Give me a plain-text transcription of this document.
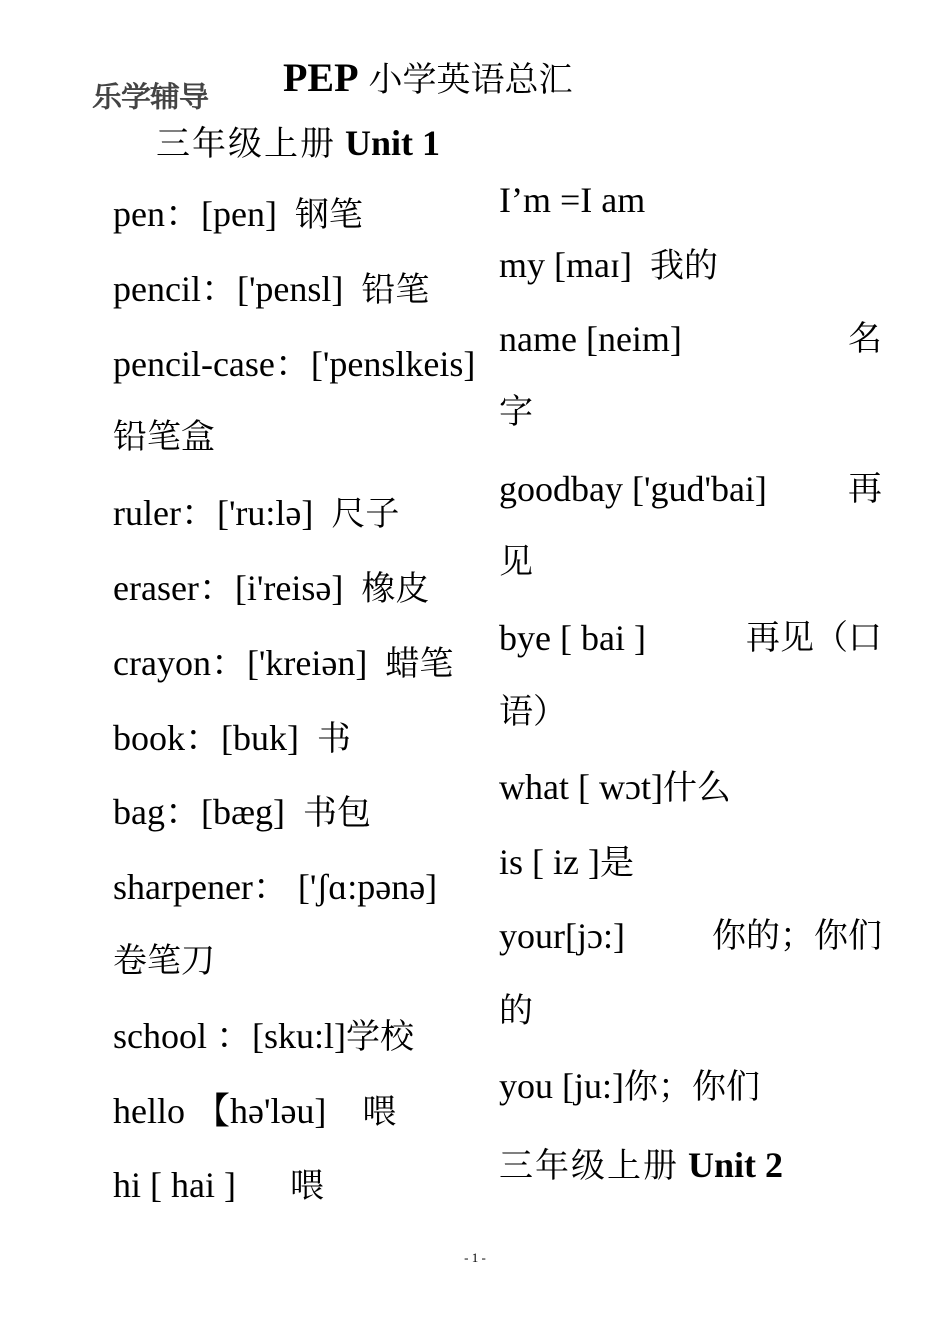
乐学辅导 PEP 小学英语总汇
三年级上册 Unit 1
pen：[pen] 钢笔
pencil：['pensl] 铅笔
pencil-case：['penslkeis]
铅笔盒
ruler：['ru:lə] 尺子
eraser：[i'reisə] 橡皮
crayon：['kreiən] 蜡笔
book：[buk] 书
bag：[bæg] 书包
sharpener： ['ʃɑ:pənə]
卷笔刀
school ：[sku:l]学校
hello 【hə'ləu] 喂
hi [ hai ] 喂
I’m =I am
my [maɪ] 我的
name [neim]	名
字
goodbay ['gud'bai] 再
见
bye [ bai ]	再见（口
语）
what [ wɔt]什么
is [ iz ]是
your[jɔ:]	你的；你们
的
you [ju:]你；你们
三年级上册 Unit 2
- 1 -
